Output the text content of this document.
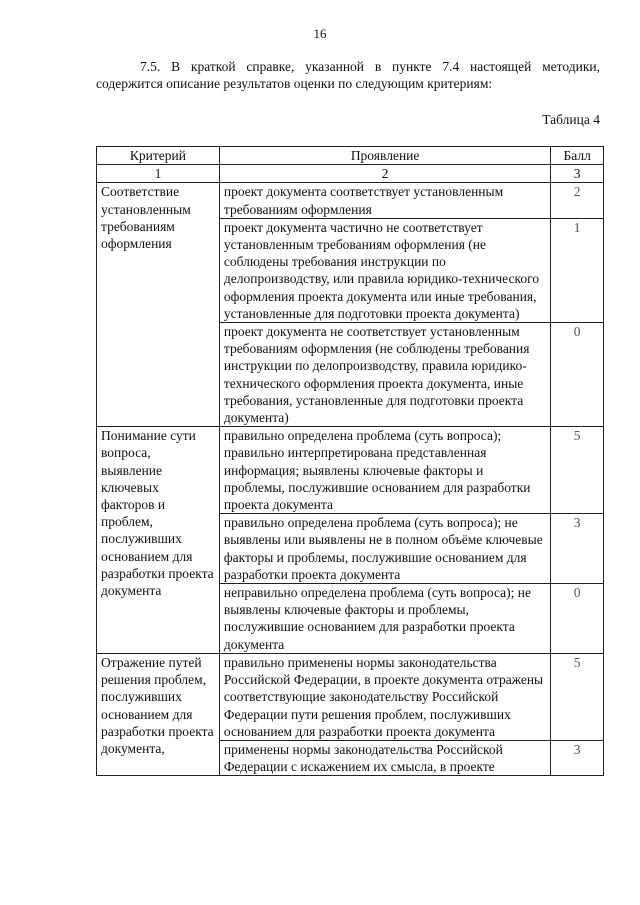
16
7.5. В краткой справке, указанной в пункте 7.4 настоящей методики, содержится описание результатов оценки по следующим критериям:
Таблица 4
Критерий	Проявление	Балл
1	2	3
Соответствие установленным требованиям оформления	проект документа соответствует установленным требованиям оформления	2
	проект документа частично не соответствует установленным требованиям оформления (не соблюдены требования инструкции по делопроизводству, или правила юридико-технического оформления проекта документа или иные требования, установленные для подготовки проекта документа)	1
	проект документа не соответствует установленным требованиям оформления (не соблюдены требования инструкции по делопроизводству, правила юридико-технического оформления проекта документа, иные требования, установленные для подготовки проекта документа)	0
Понимание сути вопроса, выявление ключевых факторов и проблем, послуживших основанием для разработки проекта документа	правильно определена проблема (суть вопроса); правильно интерпретирована представленная информация; выявлены ключевые факторы и проблемы, послужившие основанием для разработки проекта документа	5
	правильно определена проблема (суть вопроса); не выявлены или выявлены не в полном объёме ключевые факторы и проблемы, послужившие основанием для разработки проекта документа	3
	неправильно определена проблема (суть вопроса); не выявлены ключевые факторы и проблемы, послужившие основанием для разработки проекта документа	0
Отражение путей решения проблем, послуживших основанием для разработки проекта документа,	правильно применены нормы законодательства Российской Федерации, в проекте документа отражены соответствующие законодательству Российской Федерации пути решения проблем, послуживших основанием для разработки проекта документа	5
	применены нормы законодательства Российской Федерации с искажением их смысла, в проекте	3
